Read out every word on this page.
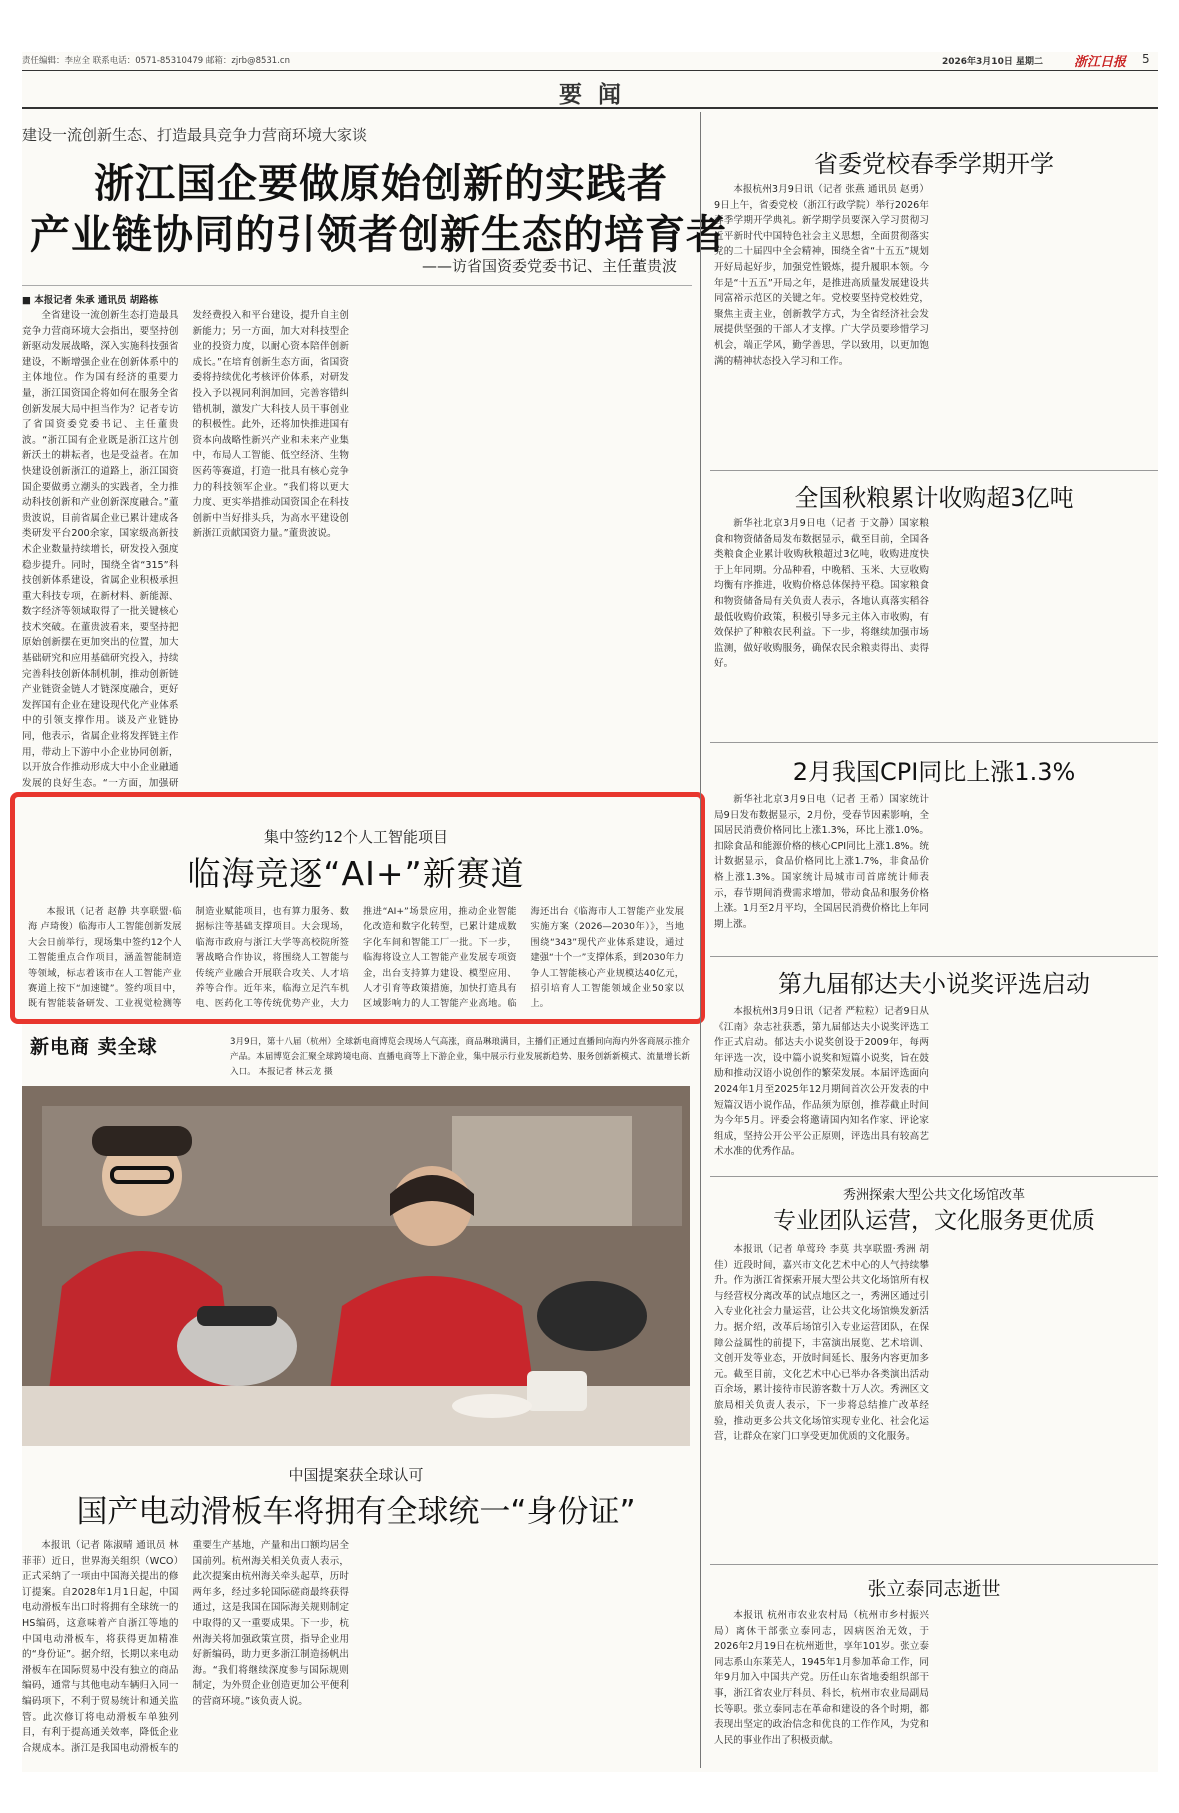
责任编辑：李应全 联系电话：0571-85310479 邮箱：zjrb@8531.cn	2026年3月10日 星期二 浙江日报 5
要 闻
建设一流创新生态、打造最具竞争力营商环境大家谈
浙江国企要做原始创新的实践者
产业链协同的引领者创新生态的培育者
——访省国资委党委书记、主任董贵波
■ 本报记者 朱承 通讯员 胡路栋
全省建设一流创新生态打造最具竞争力营商环境大会指出，要坚持创新驱动发展战略，深入实施科技强省建设，不断增强企业在创新体系中的主体地位。作为国有经济的重要力量，浙江国资国企将如何在服务全省创新发展大局中担当作为？记者专访了省国资委党委书记、主任董贵波。“浙江国有企业既是浙江这片创新沃土的耕耘者，也是受益者。在加快建设创新浙江的道路上，浙江国资国企要做勇立潮头的实践者，全力推动科技创新和产业创新深度融合。”董贵波说，目前省属企业已累计建成各类研发平台200余家，国家级高新技术企业数量持续增长，研发投入强度稳步提升。同时，围绕全省“315”科技创新体系建设，省属企业积极承担重大科技专项，在新材料、新能源、数字经济等领域取得了一批关键核心技术突破。在董贵波看来，要坚持把原始创新摆在更加突出的位置，加大基础研究和应用基础研究投入，持续完善科技创新体制机制，推动创新链产业链资金链人才链深度融合，更好发挥国有企业在建设现代化产业体系中的引领支撑作用。谈及产业链协同，他表示，省属企业将发挥链主作用，带动上下游中小企业协同创新，以开放合作推动形成大中小企业融通发展的良好生态。“一方面，加强研发经费投入和平台建设，提升自主创新能力；另一方面，加大对科技型企业的投资力度，以耐心资本陪伴创新成长。”在培育创新生态方面，省国资委将持续优化考核评价体系，对研发投入予以视同利润加回，完善容错纠错机制，激发广大科技人员干事创业的积极性。此外，还将加快推进国有资本向战略性新兴产业和未来产业集中，布局人工智能、低空经济、生物医药等赛道，打造一批具有核心竞争力的科技领军企业。“我们将以更大力度、更实举措推动国资国企在科技创新中当好排头兵，为高水平建设创新浙江贡献国资力量。”董贵波说。
集中签约12个人工智能项目
临海竞逐“AI+”新赛道
本报讯（记者 赵静 共享联盟·临海 卢琦俊）临海市人工智能创新发展大会日前举行，现场集中签约12个人工智能重点合作项目，涵盖智能制造等领域，标志着该市在人工智能产业赛道上按下“加速键”。签约项目中，既有智能装备研发、工业视觉检测等制造业赋能项目，也有算力服务、数据标注等基础支撑项目。大会现场，临海市政府与浙江大学等高校院所签署战略合作协议，将围绕人工智能与传统产业融合开展联合攻关、人才培养等合作。近年来，临海立足汽车机电、医药化工等传统优势产业，大力推进“AI+”场景应用，推动企业智能化改造和数字化转型，已累计建成数字化车间和智能工厂一批。下一步，临海将设立人工智能产业发展专项资金，出台支持算力建设、模型应用、人才引育等政策措施，加快打造具有区域影响力的人工智能产业高地。临海还出台《临海市人工智能产业发展实施方案（2026—2030年）》，当地围绕“343”现代产业体系建设，通过建强“十个一”支撑体系，到2030年力争人工智能核心产业规模达40亿元，招引培育人工智能领域企业50家以上。
新电商 卖全球	3月9日，第十八届（杭州）全球新电商博览会现场人气高涨，商品琳琅满目，主播们正通过直播间向海内外客商展示推介产品。本届博览会汇聚全球跨境电商、直播电商等上下游企业，集中展示行业发展新趋势、服务创新新模式、流量增长新入口。 本报记者 林云龙 摄
中国提案获全球认可
国产电动滑板车将拥有全球统一“身份证”
本报讯（记者 陈淑晴 通讯员 林菲菲）近日，世界海关组织（WCO）正式采纳了一项由中国海关提出的修订提案。自2028年1月1日起，中国电动滑板车出口时将拥有全球统一的HS编码，这意味着产自浙江等地的中国电动滑板车，将获得更加精准的“身份证”。据介绍，长期以来电动滑板车在国际贸易中没有独立的商品编码，通常与其他电动车辆归入同一编码项下，不利于贸易统计和通关监管。此次修订将电动滑板车单独列目，有利于提高通关效率，降低企业合规成本。浙江是我国电动滑板车的重要生产基地，产量和出口额均居全国前列。杭州海关相关负责人表示，此次提案由杭州海关牵头起草，历时两年多，经过多轮国际磋商最终获得通过，这是我国在国际海关规则制定中取得的又一重要成果。下一步，杭州海关将加强政策宣贯，指导企业用好新编码，助力更多浙江制造扬帆出海。“我们将继续深度参与国际规则制定，为外贸企业创造更加公平便利的营商环境。”该负责人说。
省委党校春季学期开学
本报杭州3月9日讯（记者 张燕 通讯员 赵勇）9日上午，省委党校（浙江行政学院）举行2026年春季学期开学典礼。新学期学员要深入学习贯彻习近平新时代中国特色社会主义思想，全面贯彻落实党的二十届四中全会精神，围绕全省“十五五”规划开好局起好步，加强党性锻炼，提升履职本领。今年是“十五五”开局之年，是推进高质量发展建设共同富裕示范区的关键之年。党校要坚持党校姓党，聚焦主责主业，创新教学方式，为全省经济社会发展提供坚强的干部人才支撑。广大学员要珍惜学习机会，端正学风，勤学善思，学以致用，以更加饱满的精神状态投入学习和工作。
全国秋粮累计收购超3亿吨
新华社北京3月9日电（记者 于文静）国家粮食和物资储备局发布数据显示，截至目前，全国各类粮食企业累计收购秋粮超过3亿吨，收购进度快于上年同期。分品种看，中晚稻、玉米、大豆收购均衡有序推进，收购价格总体保持平稳。国家粮食和物资储备局有关负责人表示，各地认真落实稻谷最低收购价政策，积极引导多元主体入市收购，有效保护了种粮农民利益。下一步，将继续加强市场监测，做好收购服务，确保农民余粮卖得出、卖得好。
2月我国CPI同比上涨1.3%
新华社北京3月9日电（记者 王希）国家统计局9日发布数据显示，2月份，受春节因素影响，全国居民消费价格同比上涨1.3%，环比上涨1.0%。扣除食品和能源价格的核心CPI同比上涨1.8%。统计数据显示，食品价格同比上涨1.7%，非食品价格上涨1.3%。国家统计局城市司首席统计师表示，春节期间消费需求增加，带动食品和服务价格上涨。1月至2月平均，全国居民消费价格比上年同期上涨。
第九届郁达夫小说奖评选启动
本报杭州3月9日讯（记者 严粒粒）记者9日从《江南》杂志社获悉，第九届郁达夫小说奖评选工作正式启动。郁达夫小说奖创设于2009年，每两年评选一次，设中篇小说奖和短篇小说奖，旨在鼓励和推动汉语小说创作的繁荣发展。本届评选面向2024年1月至2025年12月期间首次公开发表的中短篇汉语小说作品，作品须为原创，推荐截止时间为今年5月。评委会将邀请国内知名作家、评论家组成，坚持公开公平公正原则，评选出具有较高艺术水准的优秀作品。
秀洲探索大型公共文化场馆改革
专业团队运营，文化服务更优质
本报讯（记者 单莺玲 李莫 共享联盟·秀洲 胡佳）近段时间，嘉兴市文化艺术中心的人气持续攀升。作为浙江省探索开展大型公共文化场馆所有权与经营权分离改革的试点地区之一，秀洲区通过引入专业化社会力量运营，让公共文化场馆焕发新活力。据介绍，改革后场馆引入专业运营团队，在保障公益属性的前提下，丰富演出展览、艺术培训、文创开发等业态，开放时间延长、服务内容更加多元。截至目前，文化艺术中心已举办各类演出活动百余场，累计接待市民游客数十万人次。秀洲区文旅局相关负责人表示，下一步将总结推广改革经验，推动更多公共文化场馆实现专业化、社会化运营，让群众在家门口享受更加优质的文化服务。
张立泰同志逝世
本报讯 杭州市农业农村局（杭州市乡村振兴局）离休干部张立泰同志，因病医治无效，于2026年2月19日在杭州逝世，享年101岁。张立泰同志系山东莱芜人，1945年1月参加革命工作，同年9月加入中国共产党。历任山东省地委组织部干事，浙江省农业厅科员、科长，杭州市农业局副局长等职。张立泰同志在革命和建设的各个时期，都表现出坚定的政治信念和优良的工作作风，为党和人民的事业作出了积极贡献。
